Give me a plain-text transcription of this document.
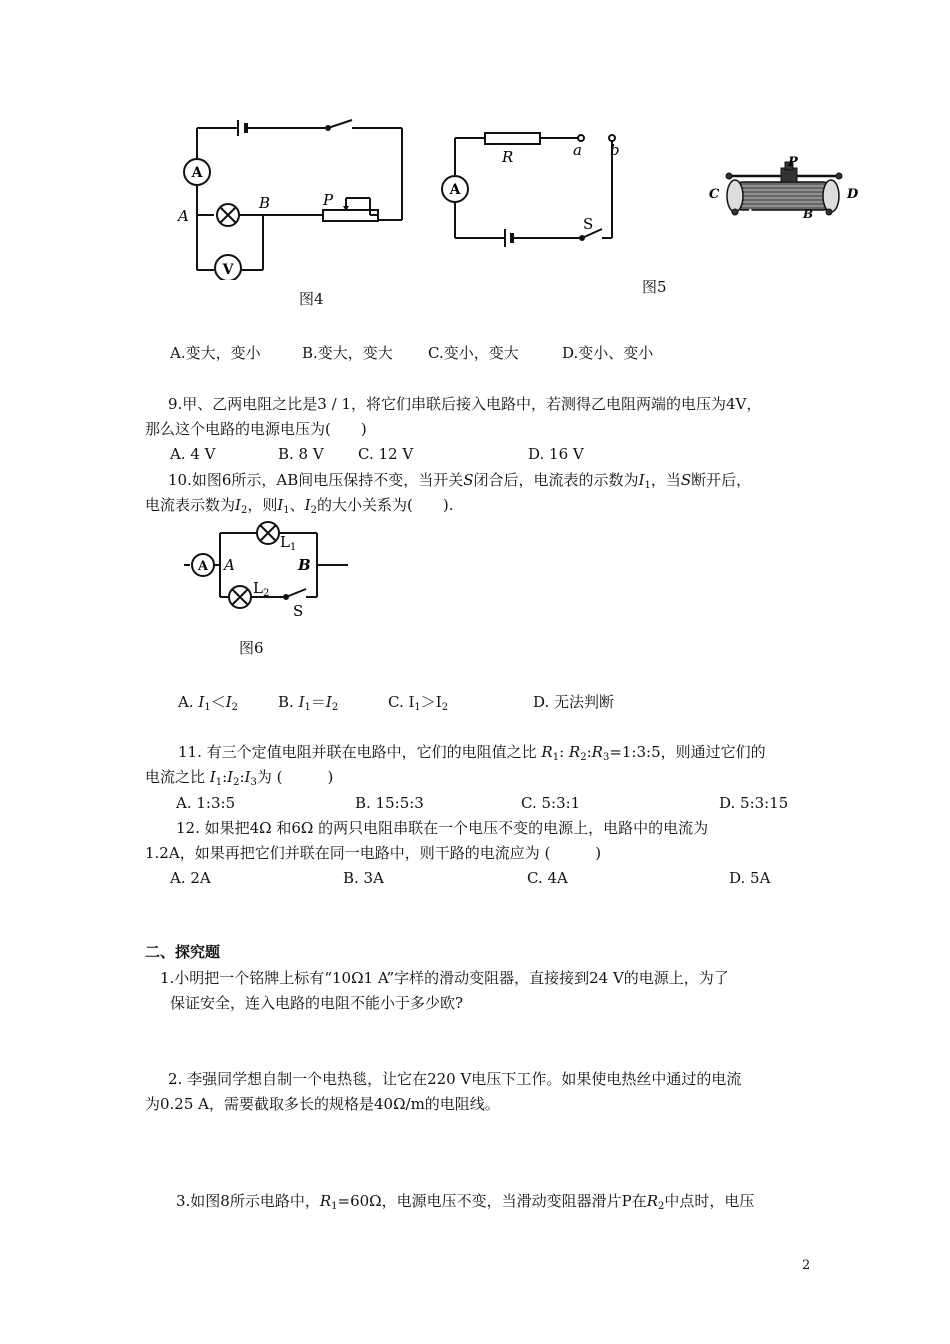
A
V
A
B	P
图4
A
R	a b
S
图5
P
C	D
A	B
A.变大，变小	B.变大，变大 C.变小，变大	D.变小、变小
9.甲、乙两电阻之比是3 / 1，将它们串联后接入电路中，若测得乙电阻两端的电压为4V，
那么这个电路的电源电压为(　　)
A. 4 V	B. 8 V C. 12 V	D. 16 V
10.如图6所示，AB间电压保持不变，当开关S闭合后，电流表的示数为$I_1$，当S断开后，
电流表示数为$I_2$，则$I_1$、$I_2$的大小关系为(　　).
A A	B
$L_1$
$L_2$
S
图6
A. $I_1<I_2$	B. $I_1=I_2$	C. $I_1>I_2$	D. 无法判断
11. 有三个定值电阻并联在电路中，它们的电阻值之比 $R_1$: $R_2:R_3=1:3:5$，则通过它们的
电流之比 $I_1:I_2:I_3$为 (　　　)
A. 1:3:5	B. 15:5:3	C. 5:3:1	D. 5:3:15
12. 如果把4Ω 和6Ω 的两只电阻串联在一个电压不变的电源上，电路中的电流为
1.2A，如果再把它们并联在同一电路中，则干路的电流应为 (　　　)
A. 2A	B. 3A	C. 4A	D. 5A
二、探究题
1.小明把一个铭牌上标有“10Ω1 A”字样的滑动变阻器，直接接到24 V的电源上，为了
保证安全，连入电路的电阻不能小于多少欧?
2. 李强同学想自制一个电热毯，让它在220 V电压下工作。如果使电热丝中通过的电流
为0.25 A，需要截取多长的规格是40Ω/m的电阻线。
3.如图8所示电路中，$R_1=60\Omega$，电源电压不变，当滑动变阻器滑片P在$R_2$中点时，电压
2
